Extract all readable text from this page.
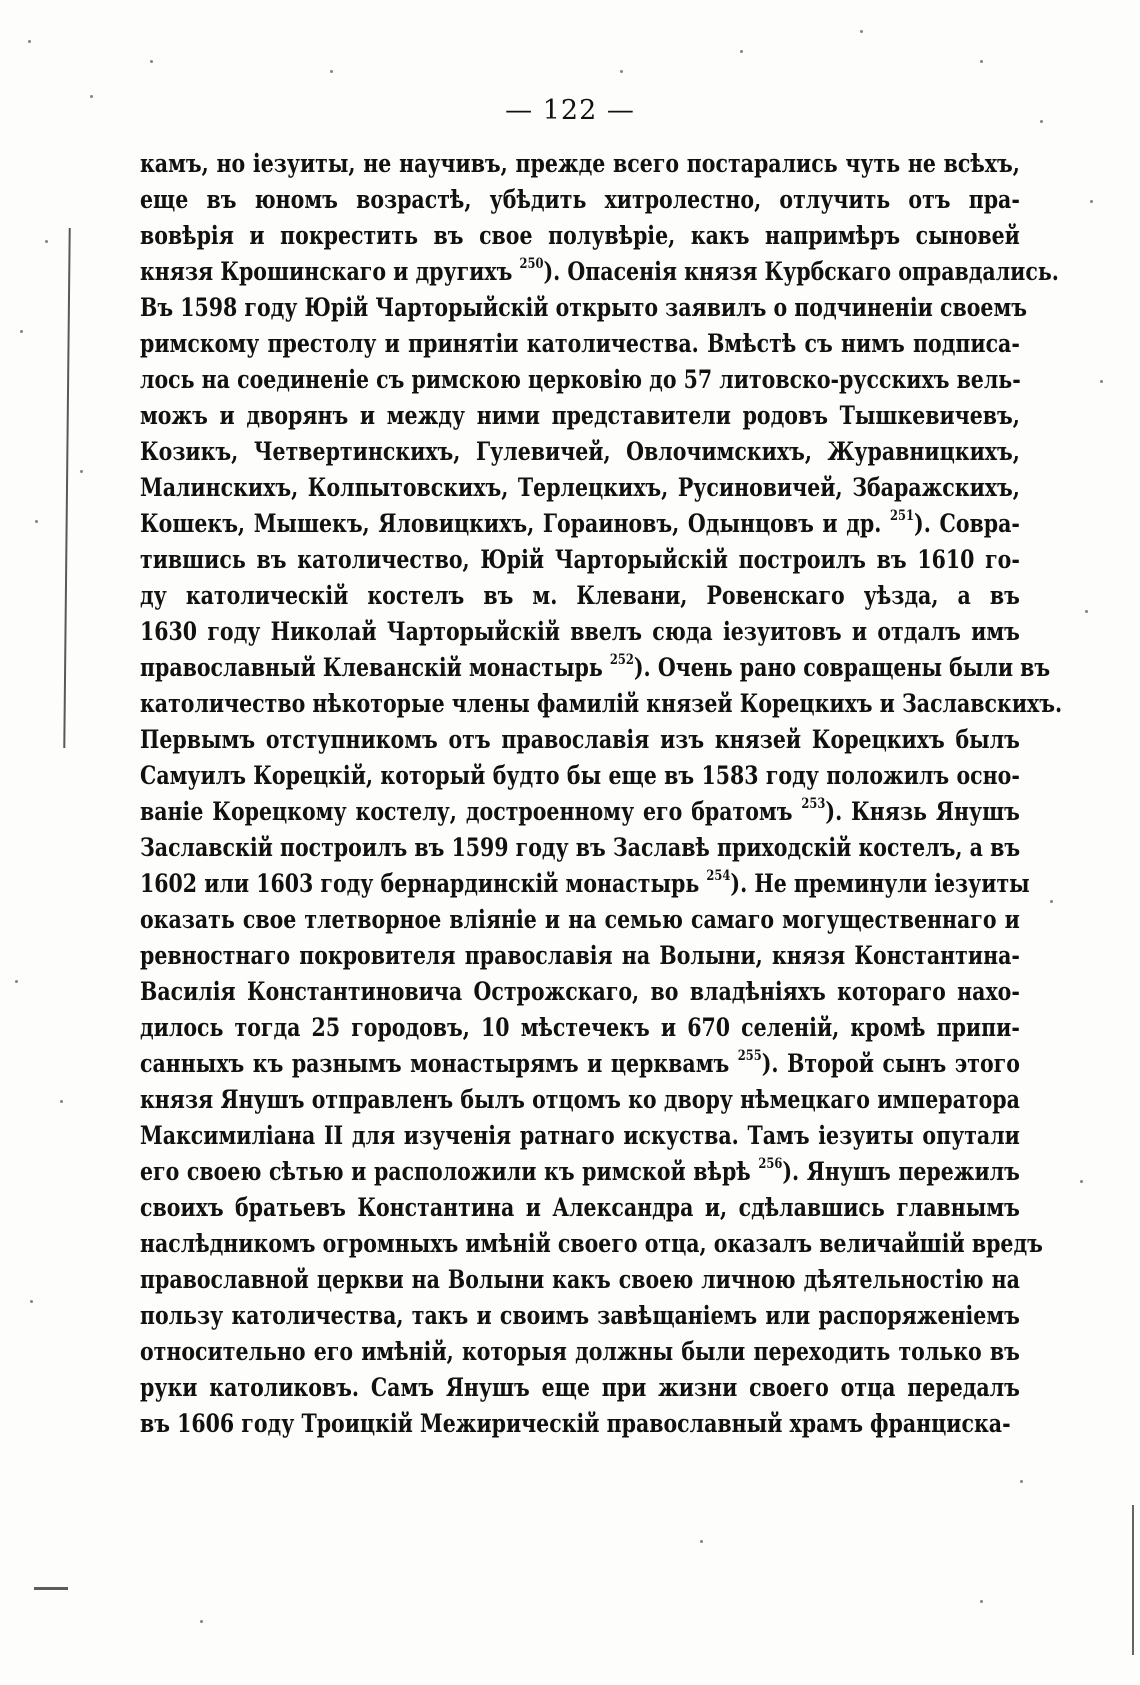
— 122 —
камъ, но іезуиты, не научивъ, прежде всего постарались чуть не всѣхъ,
еще въ юномъ возрастѣ, убѣдить хитролестно, отлучить отъ пра-
вовѣрія и покрестить въ свое полувѣріе, какъ напримѣръ сыновей
князя Крошинскаго и другихъ $^{250}$). Опасенія князя Курбскаго оправдались.
Въ 1598 году Юрій Чарторыйскій открыто заявилъ о подчиненіи своемъ
римскому престолу и принятіи католичества. Вмѣстѣ съ нимъ подписа-
лось на соединеніе съ римскою церковію до 57 литовско-русскихъ вель-
можъ и дворянъ и между ними представители родовъ Тышкевичевъ,
Козикъ, Четвертинскихъ, Гулевичей, Овлочимскихъ, Журавницкихъ,
Малинскихъ, Колпытовскихъ, Терлецкихъ, Русиновичей, Збаражскихъ,
Кошекъ, Мышекъ, Яловицкихъ, Гораиновъ, Одынцовъ и др. $^{251}$). Совра-
тившись въ католичество, Юрій Чарторыйскій построилъ въ 1610 го-
ду католическій костелъ въ м. Клевани, Ровенскаго уѣзда, а въ
1630 году Николай Чарторыйскій ввелъ сюда іезуитовъ и отдалъ имъ
православный Клеванскій монастырь $^{252}$). Очень рано совращены были въ
католичество нѣкоторые члены фамилій князей Корецкихъ и Заславскихъ.
Первымъ отступникомъ отъ православія изъ князей Корецкихъ былъ
Самуилъ Корецкій, который будто бы еще въ 1583 году положилъ осно-
ваніе Корецкому костелу, достроенному его братомъ $^{253}$). Князь Янушъ
Заславскій построилъ въ 1599 году въ Заславѣ приходскій костелъ, а въ
1602 или 1603 году бернардинскій монастырь $^{254}$). Не преминули іезуиты
оказать свое тлетворное вліяніе и на семью самаго могущественнаго и
ревностнаго покровителя православія на Волыни, князя Константина-
Василія Константиновича Острожскаго, во владѣніяхъ котораго нахо-
дилось тогда 25 городовъ, 10 мѣстечекъ и 670 селеній, кромѣ припи-
санныхъ къ разнымъ монастырямъ и церквамъ $^{255}$). Второй сынъ этого
князя Янушъ отправленъ былъ отцомъ ко двору нѣмецкаго императора
Максимиліана II для изученія ратнаго искуства. Тамъ іезуиты опутали
его своею сѣтью и расположили къ римской вѣрѣ $^{256}$). Янушъ пережилъ
своихъ братьевъ Константина и Александра и, сдѣлавшись главнымъ
наслѣдникомъ огромныхъ имѣній своего отца, оказалъ величайшій вредъ
православной церкви на Волыни какъ своею личною дѣятельностію на
пользу католичества, такъ и своимъ завѣщаніемъ или распоряженіемъ
относительно его имѣній, которыя должны были переходить только въ
руки католиковъ. Самъ Янушъ еще при жизни своего отца передалъ
въ 1606 году Троицкій Межирическій православный храмъ франциска-
